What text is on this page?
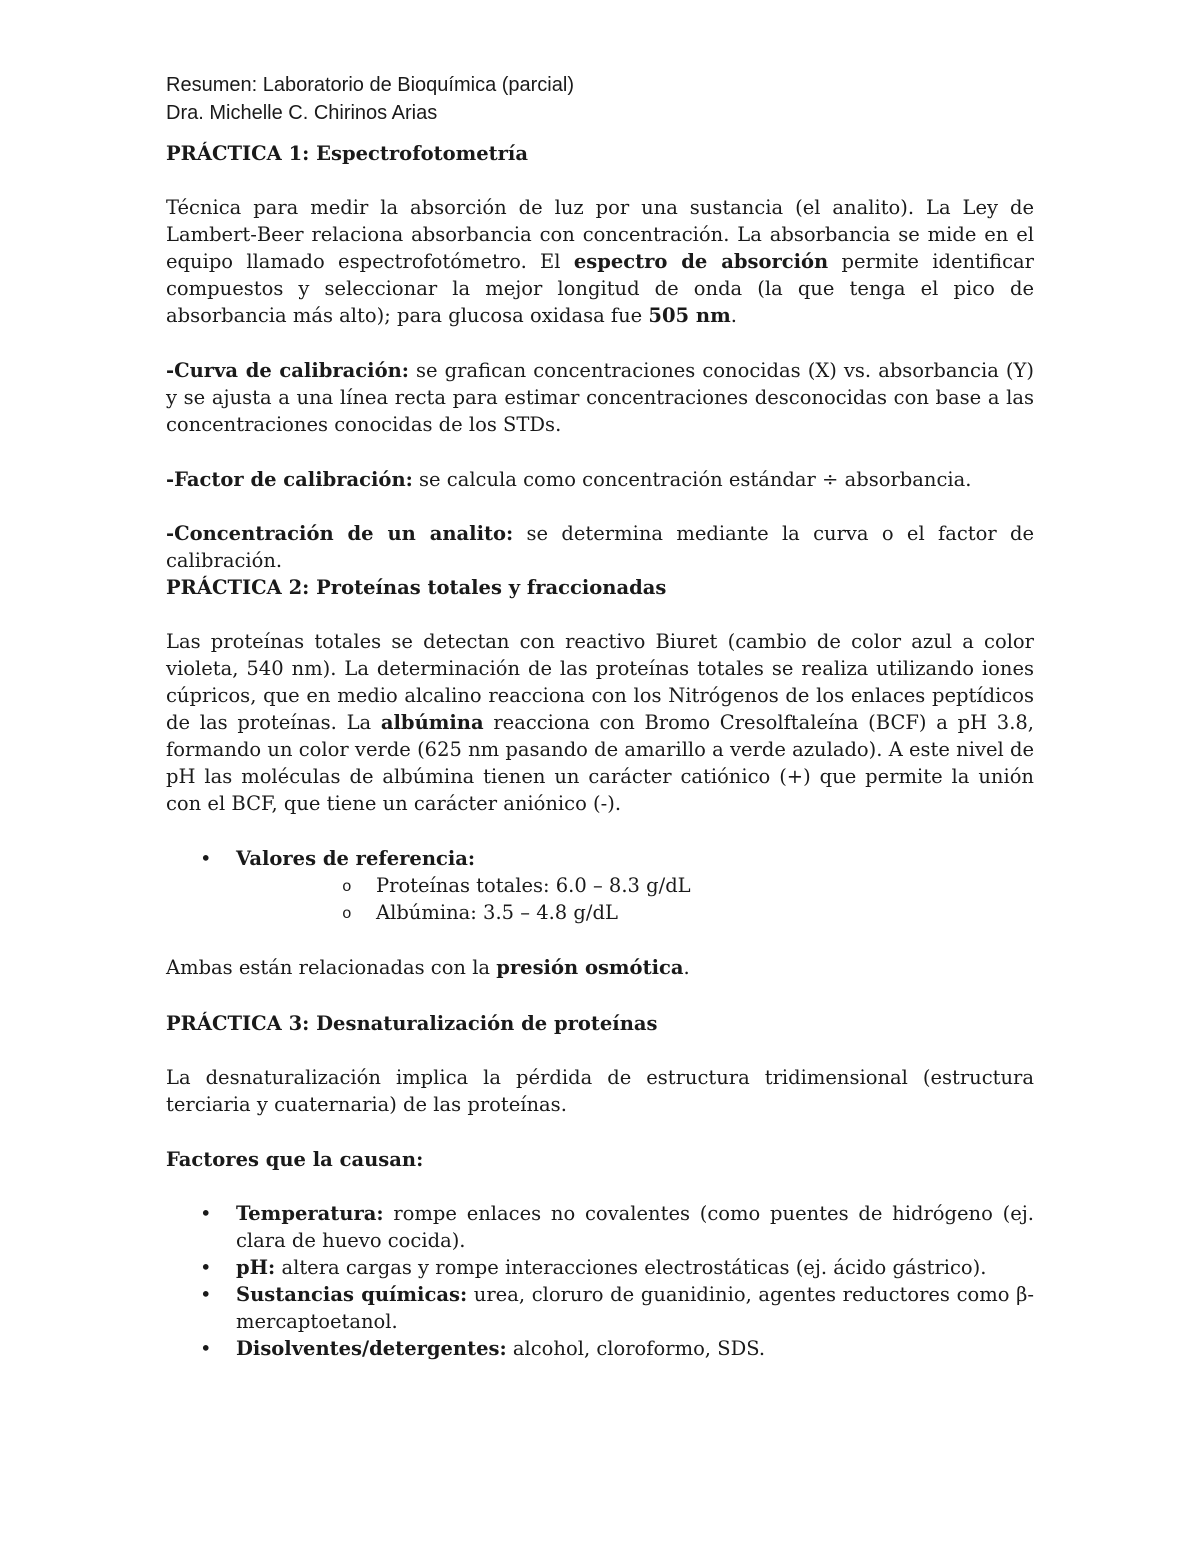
Resumen: Laboratorio de Bioquímica (parcial)
Dra. Michelle C. Chirinos Arias

PRÁCTICA 1: Espectrofotometría

Técnica para medir la absorción de luz por una sustancia (el analito). La Ley de Lambert-Beer relaciona absorbancia con concentración. La absorbancia se mide en el equipo llamado espectrofotómetro. El espectro de absorción permite identificar compuestos y seleccionar la mejor longitud de onda (la que tenga el pico de absorbancia más alto); para glucosa oxidasa fue 505 nm.

-Curva de calibración: se grafican concentraciones conocidas (X) vs. absorbancia (Y) y se ajusta a una línea recta para estimar concentraciones desconocidas con base a las concentraciones conocidas de los STDs.

-Factor de calibración: se calcula como concentración estándar ÷ absorbancia.

-Concentración de un analito: se determina mediante la curva o el factor de calibración.

PRÁCTICA 2: Proteínas totales y fraccionadas

Las proteínas totales se detectan con reactivo Biuret (cambio de color azul a color violeta, 540 nm). La determinación de las proteínas totales se realiza utilizando iones cúpricos, que en medio alcalino reacciona con los Nitrógenos de los enlaces peptídicos de las proteínas. La albúmina reacciona con Bromo Cresolftaleína (BCF) a pH 3.8, formando un color verde (625 nm pasando de amarillo a verde azulado). A este nivel de pH las moléculas de albúmina tienen un carácter catiónico (+) que permite la unión con el BCF, que tiene un carácter aniónico (-).

• Valores de referencia:
o Proteínas totales: 6.0 – 8.3 g/dL
o Albúmina: 3.5 – 4.8 g/dL

Ambas están relacionadas con la presión osmótica.

PRÁCTICA 3: Desnaturalización de proteínas

La desnaturalización implica la pérdida de estructura tridimensional (estructura terciaria y cuaternaria) de las proteínas.

Factores que la causan:

• Temperatura: rompe enlaces no covalentes (como puentes de hidrógeno (ej. clara de huevo cocida).
• pH: altera cargas y rompe interacciones electrostáticas (ej. ácido gástrico).
• Sustancias químicas: urea, cloruro de guanidinio, agentes reductores como β-mercaptoetanol.
• Disolventes/detergentes: alcohol, cloroformo, SDS.
